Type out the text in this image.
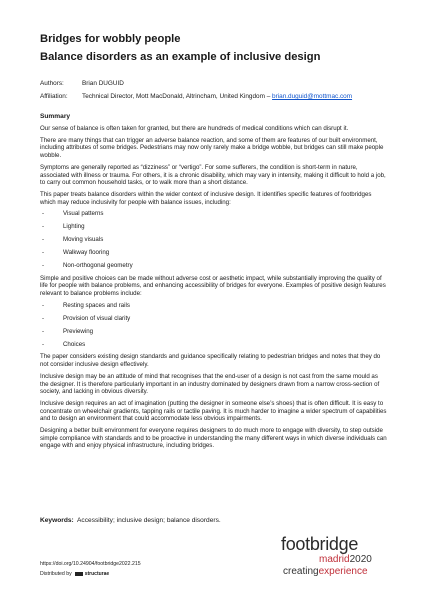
Bridges for wobbly people
Balance disorders as an example of inclusive design
Authors:	Brian DUGUID
Affiliation: Technical Director, Mott MacDonald, Altrincham, United Kingdom – brian.duguid@mottmac.com
Summary

Our sense of balance is often taken for granted, but there are hundreds of medical conditions which can disrupt it.

There are many things that can trigger an adverse balance reaction, and some of them are features of our built environment, including attributes of some bridges. Pedestrians may now only rarely make a bridge wobble, but bridges can still make people wobble.

Symptoms are generally reported as “dizziness” or “vertigo”. For some sufferers, the condition is short-term in nature, associated with illness or trauma. For others, it is a chronic disability, which may vary in intensity, making it difficult to hold a job, to carry out common household tasks, or to walk more than a short distance.

This paper treats balance disorders within the wider context of inclusive design. It identifies specific features of footbridges which may reduce inclusivity for people with balance issues, including:

- Visual patterns
- Lighting
- Moving visuals
- Walkway flooring
- Non-orthogonal geometry

Simple and positive choices can be made without adverse cost or aesthetic impact, while substantially improving the quality of life for people with balance problems, and enhancing accessibility of bridges for everyone. Examples of positive design features relevant to balance problems include:

- Resting spaces and rails
- Provision of visual clarity
- Previewing
- Choices

The paper considers existing design standards and guidance specifically relating to pedestrian bridges and notes that they do not consider inclusive design effectively.

Inclusive design may be an attitude of mind that recognises that the end-user of a design is not cast from the same mould as the designer. It is therefore particularly important in an industry dominated by designers drawn from a narrow cross-section of society, and lacking in obvious diversity.

Inclusive design requires an act of imagination (putting the designer in someone else’s shoes) that is often difficult. It is easy to concentrate on wheelchair gradients, tapping rails or tactile paving. It is much harder to imagine a wider spectrum of capabilities and to design an environment that could accommodate less obvious impairments.

Designing a better built environment for everyone requires designers to do much more to engage with diversity, to step outside simple compliance with standards and to be proactive in understanding the many different ways in which diverse individuals can engage with and enjoy physical infrastructure, including bridges.

Keywords: Accessibility; inclusive design; balance disorders.
https://doi.org/10.24904/footbridge2022.215
Distributed by	structurae
footbridge
madrid2020
creatingexperience
